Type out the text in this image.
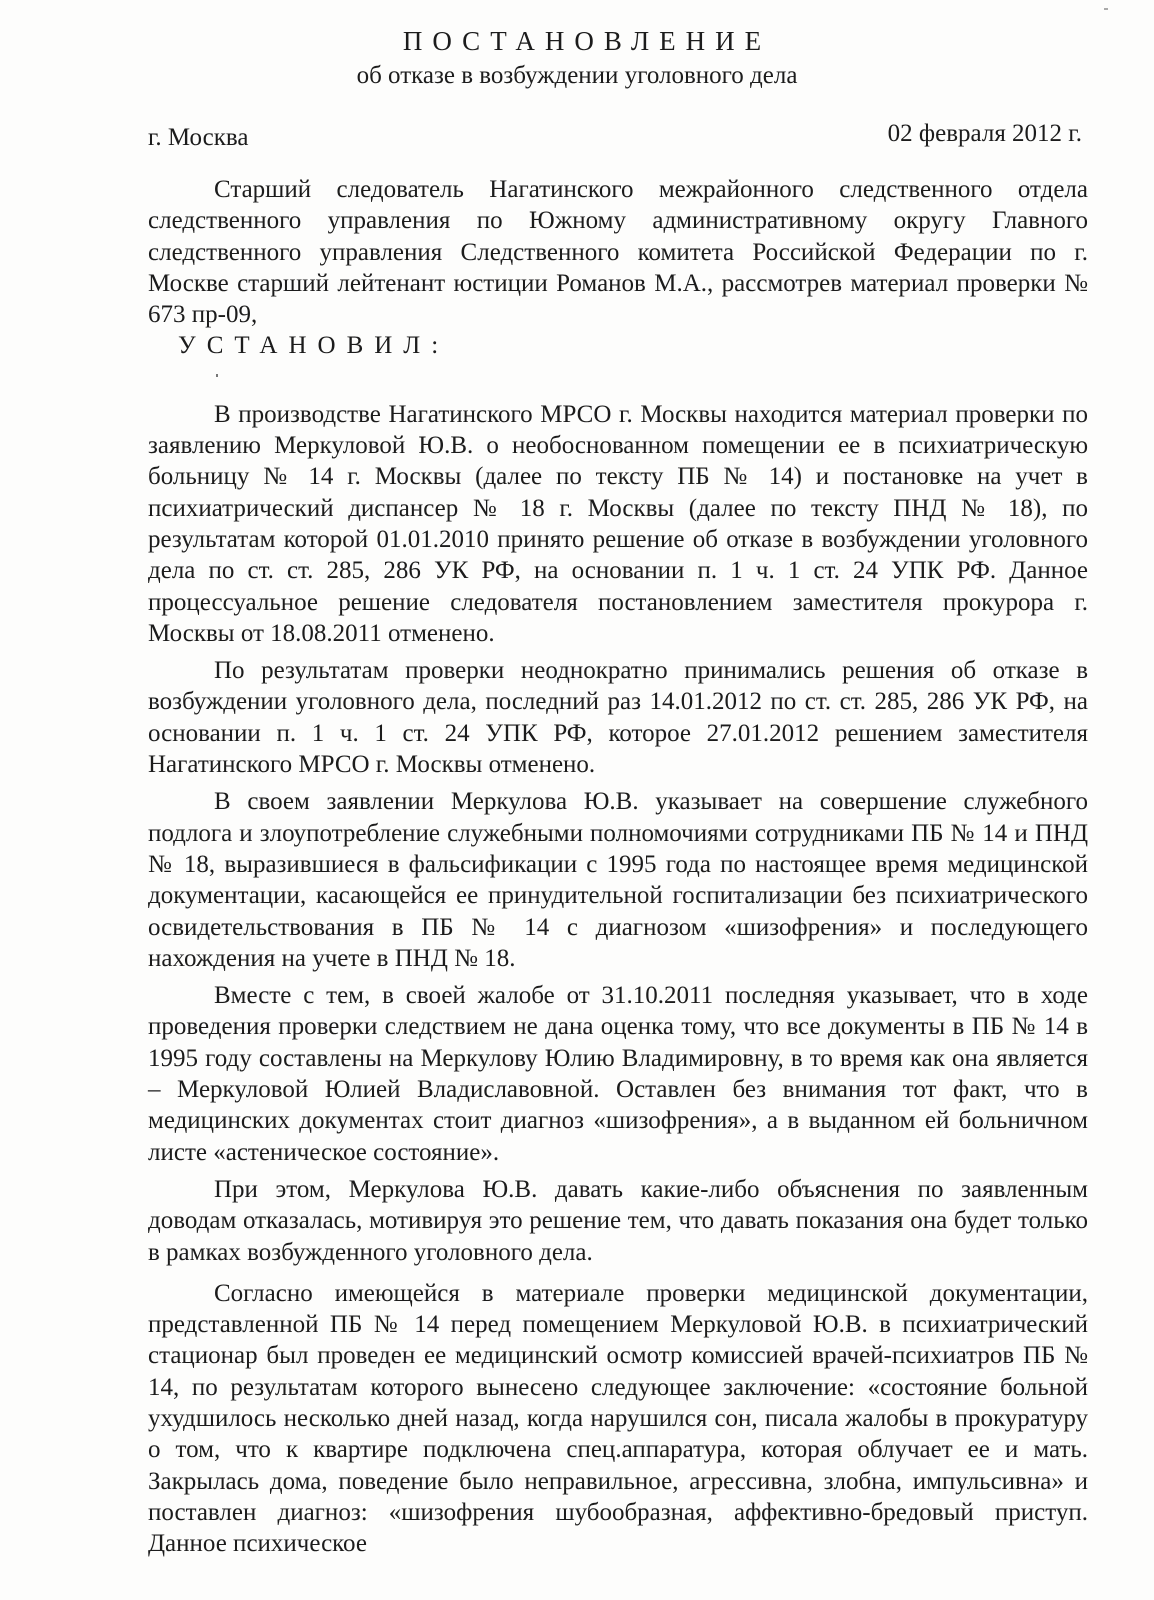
ПОСТАНОВЛЕНИЕ
об отказе в возбуждении уголовного дела
г. Москва	02 февраля 2012 г.

Старший следователь Нагатинского межрайонного следственного отдела следственного управления по Южному административному округу Главного следственного управления Следственного комитета Российской Федерации по г. Москве старший лейтенант юстиции Романов М.А., рассмотрев материал проверки № 673 пр-09,

УСТАНОВИЛ:

В производстве Нагатинского МРСО г. Москвы находится материал проверки по заявлению Меркуловой Ю.В. о необоснованном помещении ее в психиатрическую больницу № 14 г. Москвы (далее по тексту ПБ № 14) и постановке на учет в психиатрический диспансер № 18 г. Москвы (далее по тексту ПНД № 18), по результатам которой 01.01.2010 принято решение об отказе в возбуждении уголовного дела по ст. ст. 285, 286 УК РФ, на основании п. 1 ч. 1 ст. 24 УПК РФ. Данное процессуальное решение следователя постановлением заместителя прокурора г. Москвы от 18.08.2011 отменено.

По результатам проверки неоднократно принимались решения об отказе в возбуждении уголовного дела, последний раз 14.01.2012 по ст. ст. 285, 286 УК РФ, на основании п. 1 ч. 1 ст. 24 УПК РФ, которое 27.01.2012 решением заместителя Нагатинского МРСО г. Москвы отменено.

В своем заявлении Меркулова Ю.В. указывает на совершение служебного подлога и злоупотребление служебными полномочиями сотрудниками ПБ № 14 и ПНД № 18, выразившиеся в фальсификации с 1995 года по настоящее время медицинской документации, касающейся ее принудительной госпитализации без психиатрического освидетельствования в ПБ № 14 с диагнозом «шизофрения» и последующего нахождения на учете в ПНД № 18.

Вместе с тем, в своей жалобе от 31.10.2011 последняя указывает, что в ходе проведения проверки следствием не дана оценка тому, что все документы в ПБ № 14 в 1995 году составлены на Меркулову Юлию Владимировну, в то время как она является – Меркуловой Юлией Владиславовной. Оставлен без внимания тот факт, что в медицинских документах стоит диагноз «шизофрения», а в выданном ей больничном листе «астеническое состояние».

При этом, Меркулова Ю.В. давать какие-либо объяснения по заявленным доводам отказалась, мотивируя это решение тем, что давать показания она будет только в рамках возбужденного уголовного дела.

Согласно имеющейся в материале проверки медицинской документации, представленной ПБ № 14 перед помещением Меркуловой Ю.В. в психиатрический стационар был проведен ее медицинский осмотр комиссией врачей-психиатров ПБ № 14, по результатам которого вынесено следующее заключение: «состояние больной ухудшилось несколько дней назад, когда нарушился сон, писала жалобы в прокуратуру о том, что к квартире подключена спец.аппаратура, которая облучает ее и мать. Закрылась дома, поведение было неправильное, агрессивна, злобна, импульсивна» и поставлен диагноз: «шизофрения шубообразная, аффективно-бредовый приступ. Данное психическое
